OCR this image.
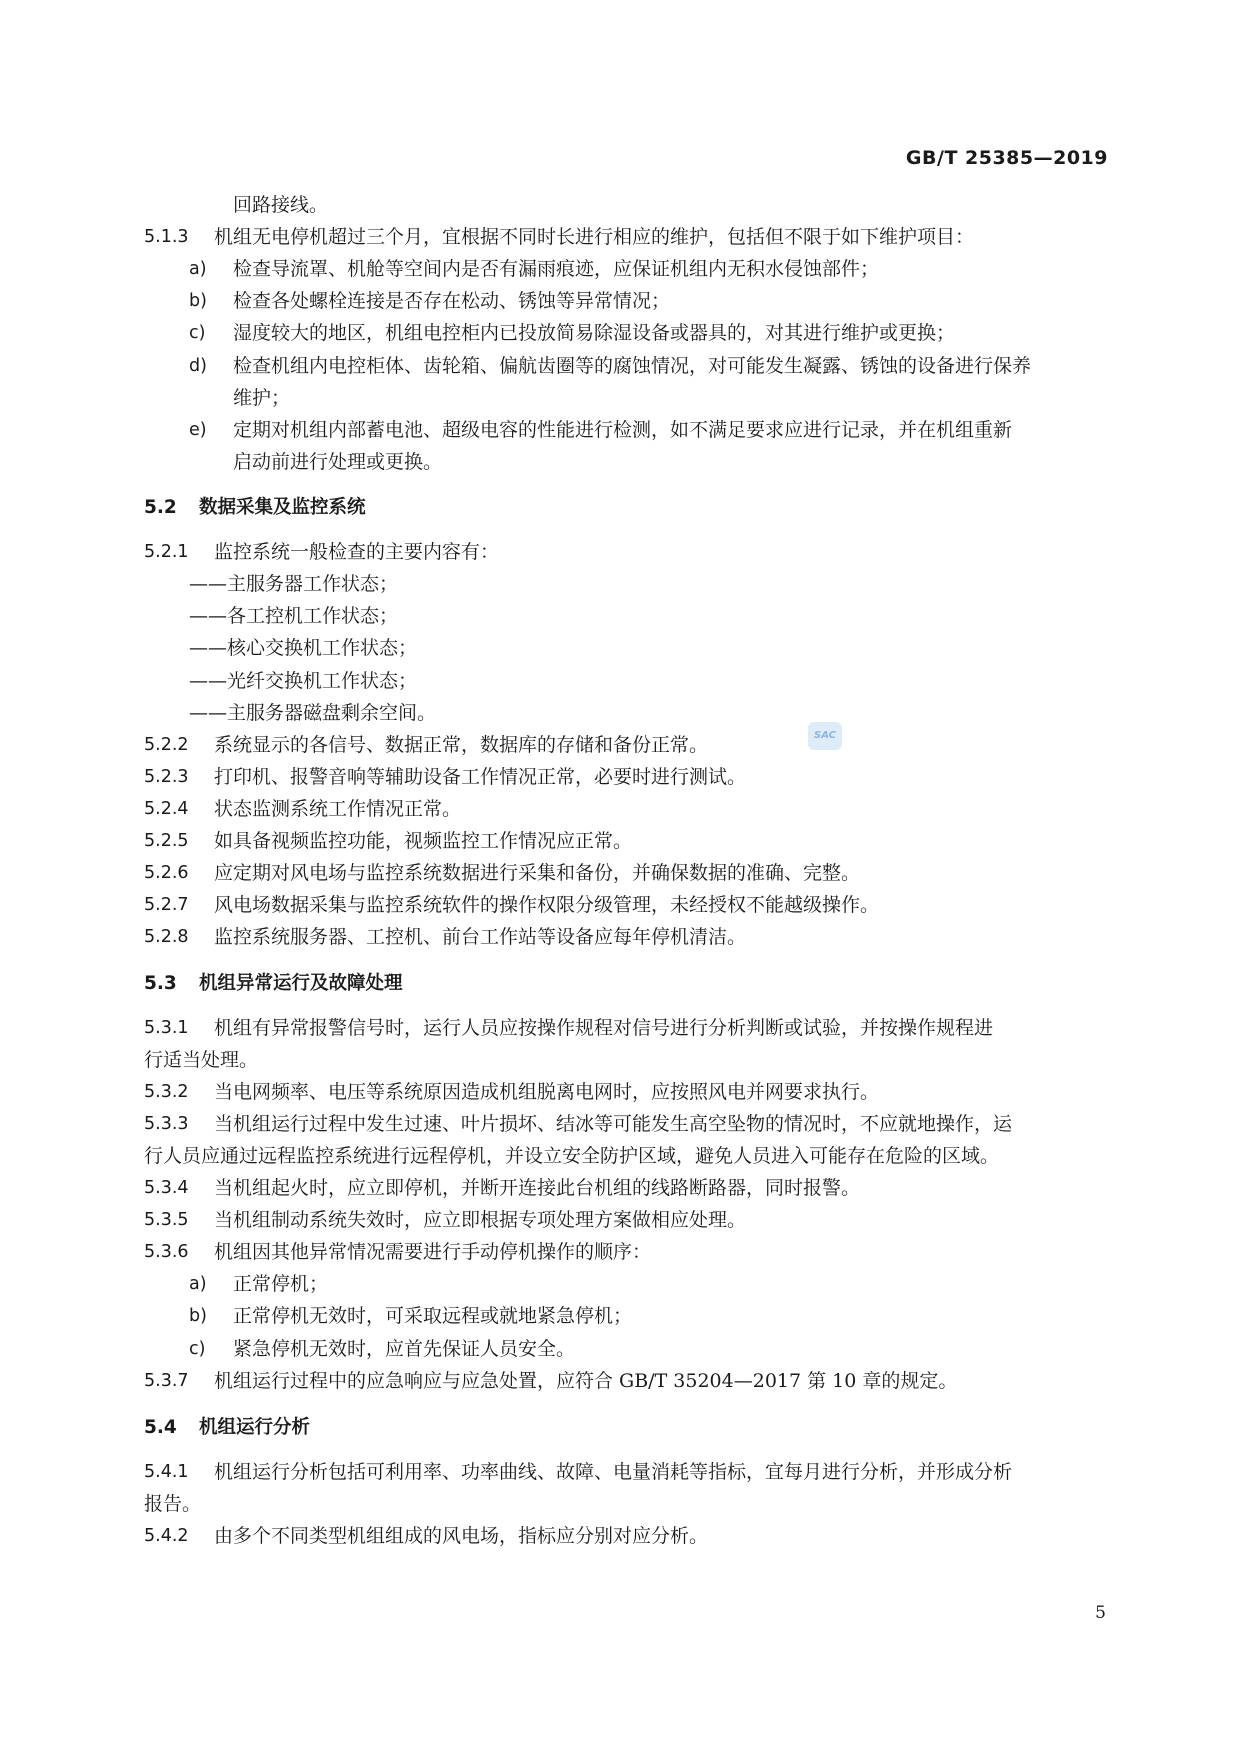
GB/T 25385—2019
SAC
回路接线。
5.1.3 机组无电停机超过三个月，宜根据不同时长进行相应的维护，包括但不限于如下维护项目：
a) 检查导流罩、机舱等空间内是否有漏雨痕迹，应保证机组内无积水侵蚀部件；
b) 检查各处螺栓连接是否存在松动、锈蚀等异常情况；
c) 湿度较大的地区，机组电控柜内已投放简易除湿设备或器具的，对其进行维护或更换；
d) 检查机组内电控柜体、齿轮箱、偏航齿圈等的腐蚀情况，对可能发生凝露、锈蚀的设备进行保养
维护；
e) 定期对机组内部蓄电池、超级电容的性能进行检测，如不满足要求应进行记录，并在机组重新
启动前进行处理或更换。
5.2 数据采集及监控系统
5.2.1 监控系统一般检查的主要内容有：
——主服务器工作状态；
——各工控机工作状态；
——核心交换机工作状态；
——光纤交换机工作状态；
——主服务器磁盘剩余空间。
5.2.2 系统显示的各信号、数据正常，数据库的存储和备份正常。
5.2.3 打印机、报警音响等辅助设备工作情况正常，必要时进行测试。
5.2.4 状态监测系统工作情况正常。
5.2.5 如具备视频监控功能，视频监控工作情况应正常。
5.2.6 应定期对风电场与监控系统数据进行采集和备份，并确保数据的准确、完整。
5.2.7 风电场数据采集与监控系统软件的操作权限分级管理，未经授权不能越级操作。
5.2.8 监控系统服务器、工控机、前台工作站等设备应每年停机清洁。
5.3 机组异常运行及故障处理
5.3.1 机组有异常报警信号时，运行人员应按操作规程对信号进行分析判断或试验，并按操作规程进
行适当处理。
5.3.2 当电网频率、电压等系统原因造成机组脱离电网时，应按照风电并网要求执行。
5.3.3 当机组运行过程中发生过速、叶片损坏、结冰等可能发生高空坠物的情况时，不应就地操作，运
行人员应通过远程监控系统进行远程停机，并设立安全防护区域，避免人员进入可能存在危险的区域。
5.3.4 当机组起火时，应立即停机，并断开连接此台机组的线路断路器，同时报警。
5.3.5 当机组制动系统失效时，应立即根据专项处理方案做相应处理。
5.3.6 机组因其他异常情况需要进行手动停机操作的顺序：
a) 正常停机；
b) 正常停机无效时，可采取远程或就地紧急停机；
c) 紧急停机无效时，应首先保证人员安全。
5.3.7 机组运行过程中的应急响应与应急处置，应符合 GB/T 35204—2017 第 10 章的规定。
5.4 机组运行分析
5.4.1 机组运行分析包括可利用率、功率曲线、故障、电量消耗等指标，宜每月进行分析，并形成分析
报告。
5.4.2 由多个不同类型机组组成的风电场，指标应分别对应分析。
5
